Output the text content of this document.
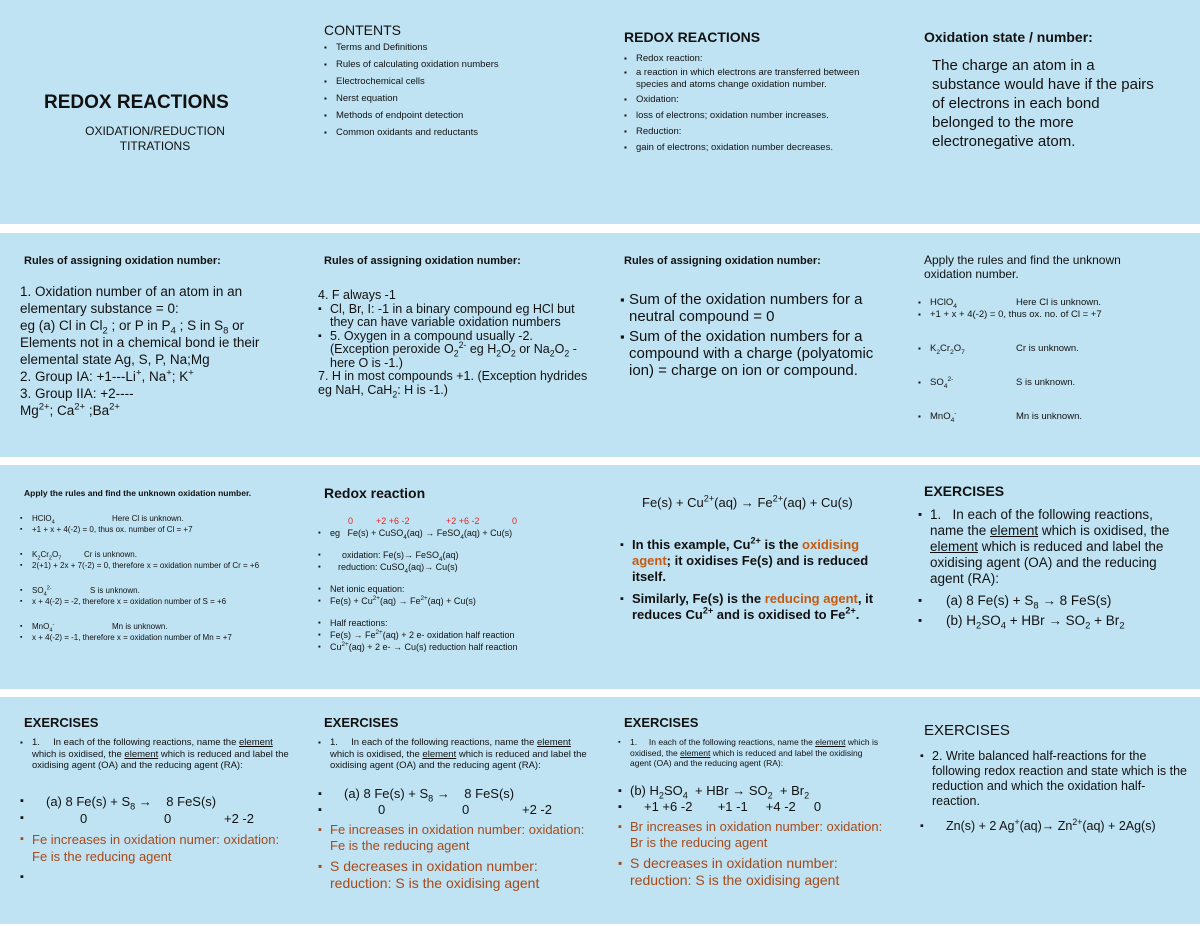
REDOX REACTIONS
OXIDATION/REDUCTION
TITRATIONS
CONTENTS
▪ Terms and Definitions
▪ Rules of calculating oxidation numbers
▪ Electrochemical cells
▪ Nerst equation
▪ Methods of endpoint detection
▪ Common oxidants and reductants
REDOX REACTIONS
▪ Redox reaction:
▪ a reaction in which electrons are transferred between species and atoms change oxidation number.
▪ Oxidation:
▪ loss of electrons; oxidation number increases.
▪ Reduction:
▪ gain of electrons; oxidation number decreases.
Oxidation state / number:
The charge an atom in a substance would have if the pairs of electrons in each bond belonged to the more electronegative atom.
Rules of assigning oxidation number:
1. Oxidation number of an atom in an elementary substance = 0:
eg (a) Cl in $Cl_2$ ; or P in $P_4$ ; S in $S_8$ or
Elements not in a chemical bond ie their elemental state Ag, S, P, Na;Mg
2. Group IA: +1---Li+, Na+; K+
3. Group IIA: +2----
$Mg^{2+}$; $Ca^{2+}$ $;Ba^{2+}$
Rules of assigning oxidation number:
4. F always -1
▪ Cl, Br, I: -1 in a binary compound eg HCl but they can have variable oxidation numbers
▪ 5. Oxygen in a compound usually -2. (Exception peroxide $O_2^{2-}$ eg $H_2O_2$ or $Na_2O_2$ - here O is -1.)
7. H in most compounds +1. (Exception hydrides eg NaH, CaH$_2$: H is -1.)
Rules of assigning oxidation number:
▪ Sum of the oxidation numbers for a neutral compound = 0
▪ Sum of the oxidation numbers for a compound with a charge (polyatomic ion) = charge on ion or compound.
Apply the rules and find the unknown oxidation number.
▪ HClO$_4$	Here Cl is unknown.
▪ +1 + x + 4(-2) = 0, thus ox. no. of Cl = +7
▪ $K_2Cr_2O_7$	Cr is unknown.
▪ $SO_4^{2-}$	S is unknown.
▪ MnO$_4$-	Mn is unknown.
Apply the rules and find the unknown oxidation number.
▪ HClO$_4$	Here Cl is unknown.
▪ +1 + x + 4(-2) = 0, thus ox. number of Cl = +7
▪ $K_2Cr_2O_7$	Cr is unknown.
▪ 2(+1) + 2x + 7(-2) = 0, therefore x = oxidation number of Cr = +6
▪ $SO_4^{2-}$	S is unknown.
▪ x + 4(-2) = -2, therefore x = oxidation number of S = +6
▪ MnO$_4$-	Mn is unknown.
▪ x + 4(-2) = -1, therefore x = oxidation number of Mn = +7
Redox reaction
0	+2 +6 -2	+2 +6 -2	0
▪ eg   Fe(s) + CuSO$_4$(aq) → FeSO$_4$(aq) + Cu(s)
▪ oxidation: Fe(s)→ FeSO$_4$(aq)
▪ reduction: CuSO$_4$(aq)→ Cu(s)
▪ Net ionic equation:
▪ $Fe(s) + Cu^{2+}(aq) \to Fe^{2+}(aq) + Cu(s)$
▪ Half reactions:
▪ $Fe(s) \to Fe^{2+}(aq) + 2$ e- oxidation half reaction
▪ $Cu^{2+}(aq) + 2$ e- → Cu(s) reduction half reaction
$Fe(s) + Cu^{2+}(aq) \to Fe^{2+}(aq) + Cu(s)$
▪ In this example, $Cu^{2+}$ is the oxidising agent; it oxidises Fe(s) and is reduced itself.
▪ Similarly, Fe(s) is the reducing agent, it reduces $Cu^{2+}$ and is oxidised to $Fe^{2+}$.
EXERCISES
▪ 1.   In each of the following reactions, name the element which is oxidised, the element which is reduced and label the oxidising agent (OA) and the reducing agent (RA):
▪ (a) 8 $Fe(s) + S_8 \to 8$ FeS(s)
▪ (b) $H_2SO_4$ + HBr → $SO_2 + Br_2$
EXERCISES
▪ 1.     In each of the following reactions, name the element which is oxidised, the element which is reduced and label the oxidising agent (OA) and the reducing agent (RA):
▪ (a) 8 $Fe(s) + S_8$ →    8 FeS(s)
▪ 0	0	+2 -2
▪ Fe increases in oxidation numer: oxidation: Fe is the reducing agent
▪
EXERCISES
▪ 1.     In each of the following reactions, name the element which is oxidised, the element which is reduced and label the oxidising agent (OA) and the reducing agent (RA):
▪ (a) 8 $Fe(s) + S_8$ →    8 FeS(s)
▪ 0	0	+2 -2
▪ Fe increases in oxidation number: oxidation: Fe is the reducing agent
▪ S decreases in oxidation number: reduction: S is the oxidising agent
EXERCISES
▪ 1.     In each of the following reactions, name the element which is oxidised, the element which is reduced and label the oxidising agent (OA) and the reducing agent (RA):
▪ (b) $H_2SO_4$  + HBr → $SO_2 + Br_2$
▪ +1 +6 -2       +1 -1     +4 -2     0
▪ Br increases in oxidation number: oxidation: Br is the reducing agent
▪ S decreases in oxidation number: reduction: S is the oxidising agent
EXERCISES
▪ 2. Write balanced half-reactions for the following redox reaction and state which is the reduction and which the oxidation half-reaction.
▪ Zn(s) + 2 $Ag^+(aq)\to Zn^{2+}(aq) + 2Ag(s)$
